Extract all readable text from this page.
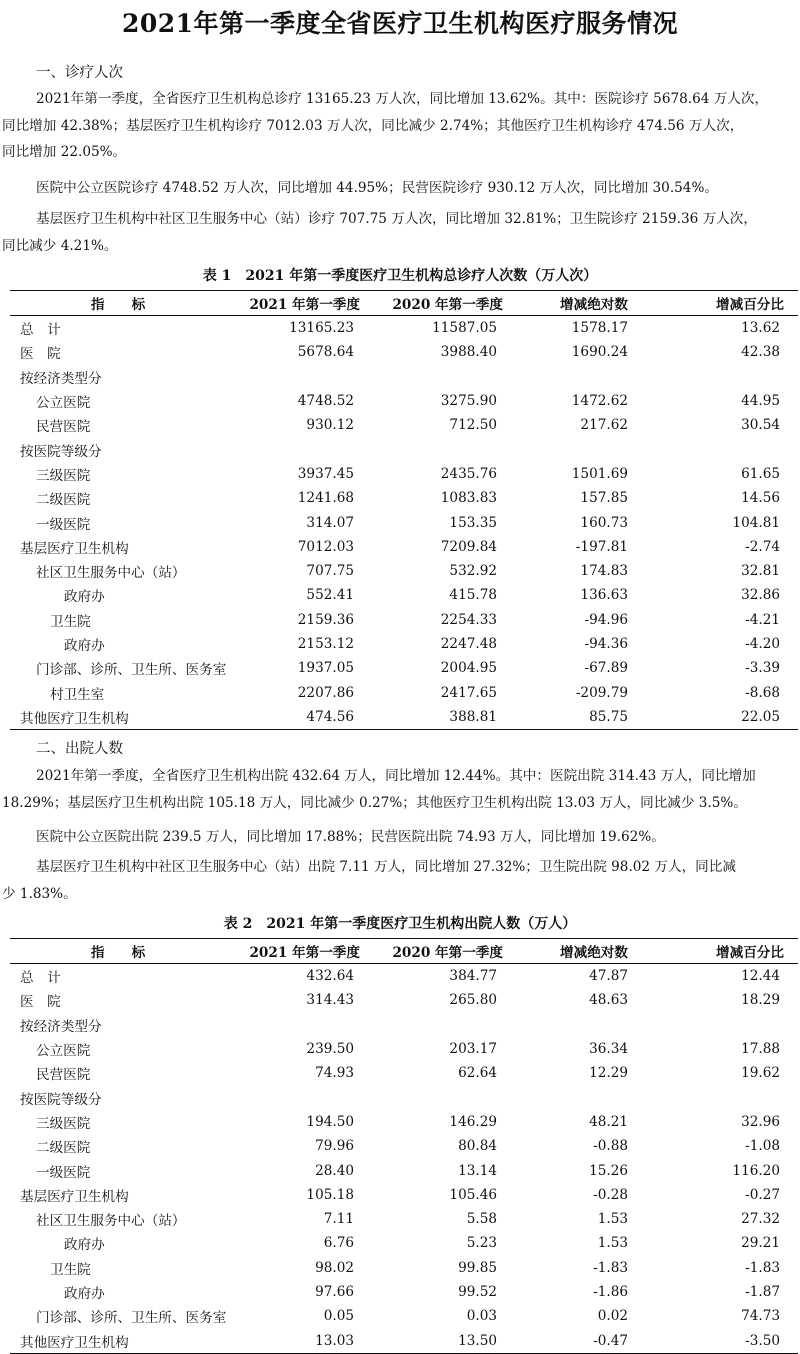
2021年第一季度全省医疗卫生机构医疗服务情况
一、诊疗人次
2021年第一季度，全省医疗卫生机构总诊疗 13165.23 万人次，同比增加 13.62%。其中：医院诊疗 5678.64 万人次，
同比增加 42.38%；基层医疗卫生机构诊疗 7012.03 万人次，同比减少 2.74%；其他医疗卫生机构诊疗 474.56 万人次，
同比增加 22.05%。
医院中公立医院诊疗 4748.52 万人次，同比增加 44.95%；民营医院诊疗 930.12 万人次，同比增加 30.54%。
基层医疗卫生机构中社区卫生服务中心（站）诊疗 707.75 万人次，同比增加 32.81%；卫生院诊疗 2159.36 万人次，
同比减少 4.21%。
表 1　2021 年第一季度医疗卫生机构总诊疗人次数（万人次）
指　　标	2021 年第一季度	2020 年第一季度	增减绝对数	增减百分比
总　计	13165.23	11587.05	1578.17	13.62
医　院	5678.64	3988.40	1690.24	42.38
按经济类型分				
公立医院	4748.52	3275.90	1472.62	44.95
民营医院	930.12	712.50	217.62	30.54
按医院等级分				
三级医院	3937.45	2435.76	1501.69	61.65
二级医院	1241.68	1083.83	157.85	14.56
一级医院	314.07	153.35	160.73	104.81
基层医疗卫生机构	7012.03	7209.84	-197.81	-2.74
社区卫生服务中心（站）	707.75	532.92	174.83	32.81
政府办	552.41	415.78	136.63	32.86
卫生院	2159.36	2254.33	-94.96	-4.21
政府办	2153.12	2247.48	-94.36	-4.20
门诊部、诊所、卫生所、医务室	1937.05	2004.95	-67.89	-3.39
村卫生室	2207.86	2417.65	-209.79	-8.68
其他医疗卫生机构	474.56	388.81	85.75	22.05
二、出院人数
2021年第一季度，全省医疗卫生机构出院 432.64 万人，同比增加 12.44%。其中：医院出院 314.43 万人，同比增加
18.29%；基层医疗卫生机构出院 105.18 万人，同比减少 0.27%；其他医疗卫生机构出院 13.03 万人，同比减少 3.5%。
医院中公立医院出院 239.5 万人，同比增加 17.88%；民营医院出院 74.93 万人，同比增加 19.62%。
基层医疗卫生机构中社区卫生服务中心（站）出院 7.11 万人，同比增加 27.32%；卫生院出院 98.02 万人，同比减
少 1.83%。
表 2　2021 年第一季度医疗卫生机构出院人数（万人）
指　　标	2021 年第一季度	2020 年第一季度	增减绝对数	增减百分比
总　计	432.64	384.77	47.87	12.44
医　院	314.43	265.80	48.63	18.29
按经济类型分				
公立医院	239.50	203.17	36.34	17.88
民营医院	74.93	62.64	12.29	19.62
按医院等级分				
三级医院	194.50	146.29	48.21	32.96
二级医院	79.96	80.84	-0.88	-1.08
一级医院	28.40	13.14	15.26	116.20
基层医疗卫生机构	105.18	105.46	-0.28	-0.27
社区卫生服务中心（站）	7.11	5.58	1.53	27.32
政府办	6.76	5.23	1.53	29.21
卫生院	98.02	99.85	-1.83	-1.83
政府办	97.66	99.52	-1.86	-1.87
门诊部、诊所、卫生所、医务室	0.05	0.03	0.02	74.73
其他医疗卫生机构	13.03	13.50	-0.47	-3.50
